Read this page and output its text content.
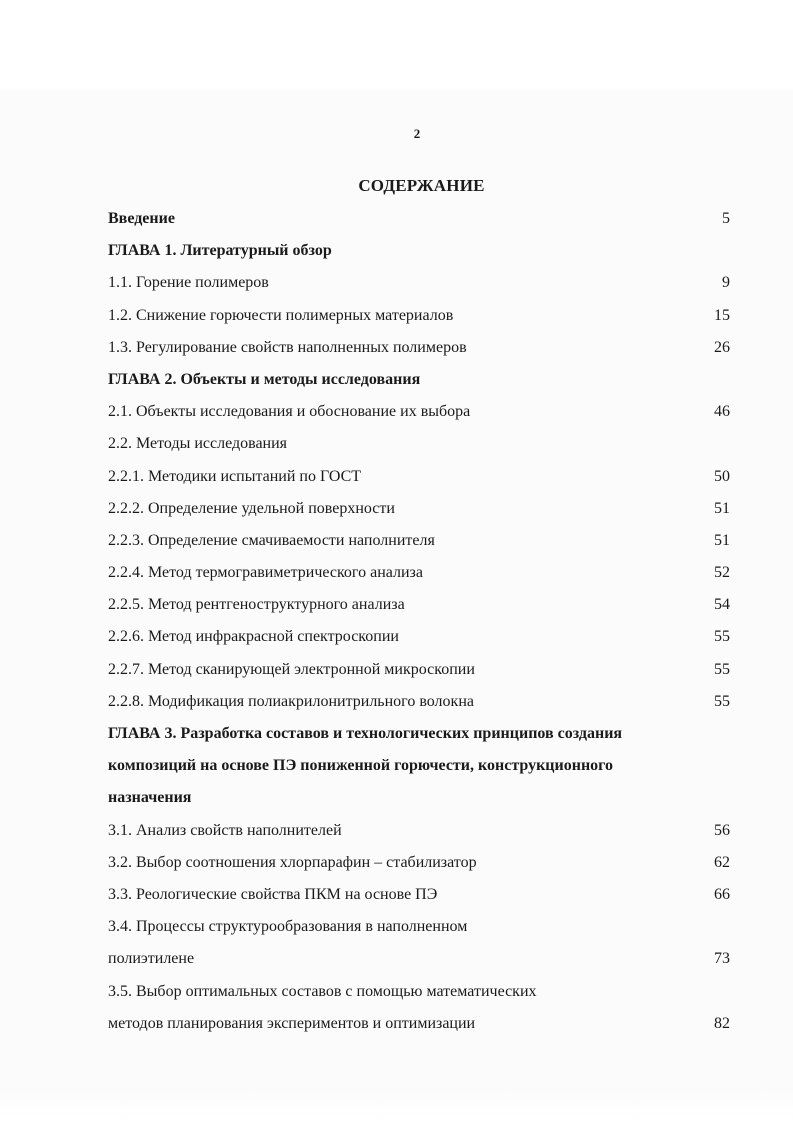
2
СОДЕРЖАНИЕ
Введение	5
ГЛАВА 1. Литературный обзор
1.1. Горение полимеров	9
1.2. Снижение горючести полимерных материалов	15
1.3. Регулирование свойств наполненных полимеров	26
ГЛАВА 2. Объекты и методы исследования
2.1. Объекты исследования и обоснование их выбора	46
2.2. Методы исследования
2.2.1. Методики испытаний по ГОСТ	50
2.2.2. Определение удельной поверхности	51
2.2.3. Определение смачиваемости наполнителя	51
2.2.4. Метод термогравиметрического анализа	52
2.2.5. Метод рентгеноструктурного анализа	54
2.2.6. Метод инфракрасной спектроскопии	55
2.2.7. Метод сканирующей электронной микроскопии	55
2.2.8. Модификация полиакрилонитрильного волокна	55
ГЛАВА 3. Разработка составов и технологических принципов создания
композиций на основе ПЭ пониженной горючести, конструкционного
назначения
3.1. Анализ свойств наполнителей	56
3.2. Выбор соотношения хлорпарафин – стабилизатор	62
3.3. Реологические свойства ПКМ на основе ПЭ	66
3.4. Процессы структурообразования в наполненном
полиэтилене	73
3.5. Выбор оптимальных составов с помощью математических
методов планирования экспериментов и оптимизации	82
